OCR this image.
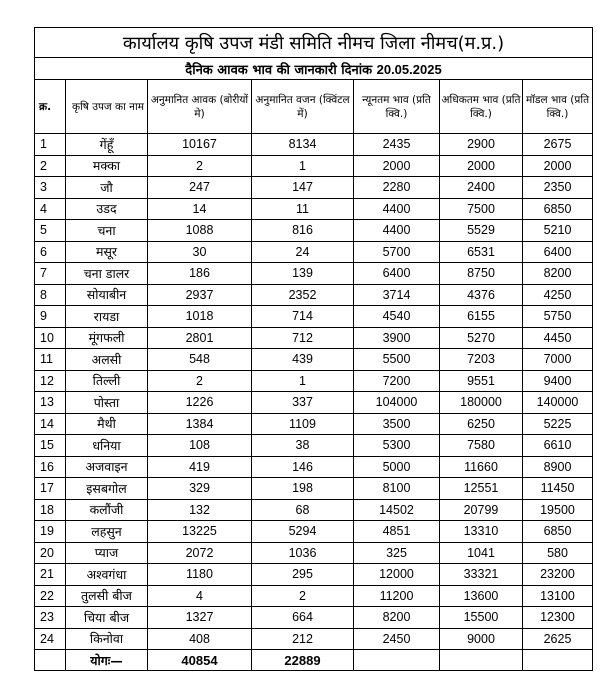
कार्यालय कृषि उपज मंडी समिति नीमच जिला नीमच(म.प्र.)						
दैनिक आवक भाव की जानकारी दिनांक 20.05.2025						
क्र.	कृषि उपज का नाम	अनुमानित आवक (बोरीयों मे)	अनुमानित वजन (क्विंटल में)	न्यूनतम भाव (प्रति क्वि.)	अधिकतम भाव (प्रति क्वि.)	मॉडल भाव (प्रति क्वि.)
1	गेंहूँ	10167	8134	2435	2900	2675
2	मक्का	2	1	2000	2000	2000
3	जौ	247	147	2280	2400	2350
4	उडद	14	11	4400	7500	6850
5	चना	1088	816	4400	5529	5210
6	मसूर	30	24	5700	6531	6400
7	चना डालर	186	139	6400	8750	8200
8	सोयाबीन	2937	2352	3714	4376	4250
9	रायडा	1018	714	4540	6155	5750
10	मूंगफली	2801	712	3900	5270	4450
11	अलसी	548	439	5500	7203	7000
12	तिल्ली	2	1	7200	9551	9400
13	पोस्ता	1226	337	104000	180000	140000
14	मैथी	1384	1109	3500	6250	5225
15	धनिया	108	38	5300	7580	6610
16	अजवाइन	419	146	5000	11660	8900
17	इसबगोल	329	198	8100	12551	11450
18	कलौंजी	132	68	14502	20799	19500
19	लहसुन	13225	5294	4851	13310	6850
20	प्याज	2072	1036	325	1041	580
21	अश्वगंधा	1180	295	12000	33321	23200
22	तुलसी बीज	4	2	11200	13600	13100
23	चिया बीज	1327	664	8200	15500	12300
24	किनोवा	408	212	2450	9000	2625
	योगः—	40854	22889			
